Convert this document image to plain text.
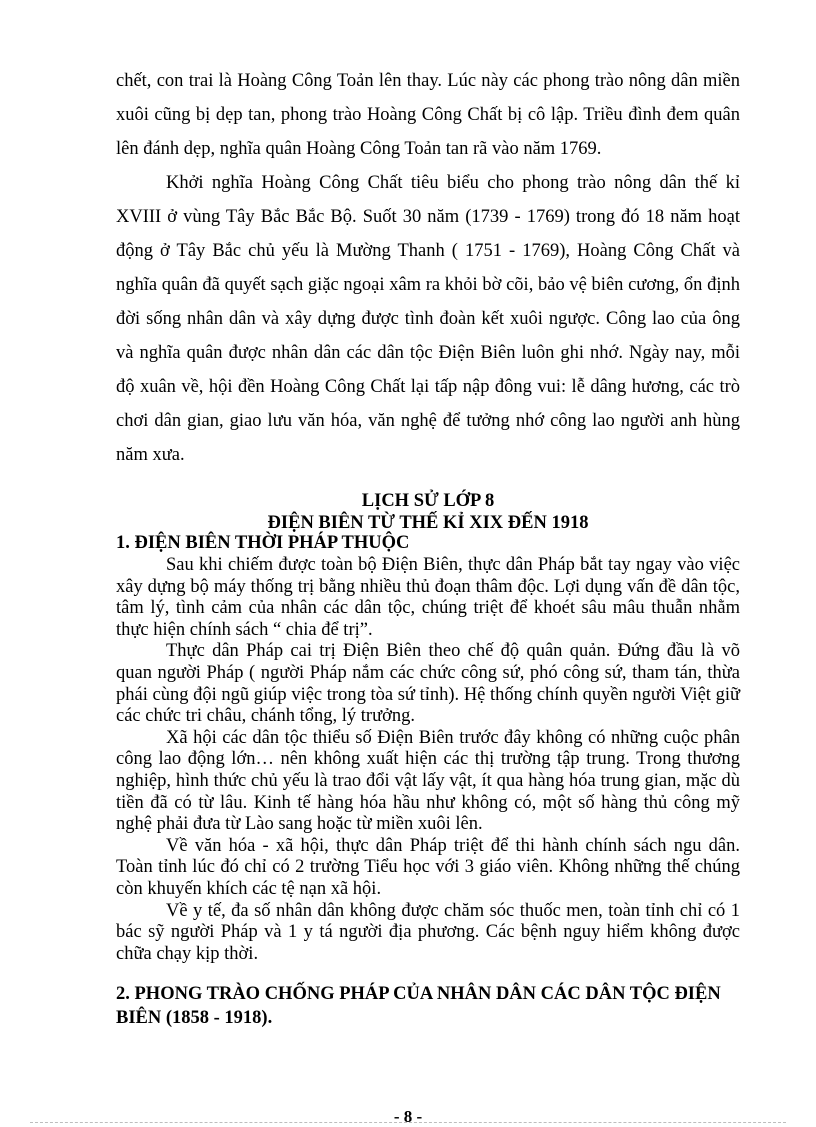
chết, con trai là Hoàng Công Toản lên thay. Lúc này các phong trào nông dân miền xuôi cũng bị dẹp tan, phong trào Hoàng Công Chất bị cô lập. Triều đình đem quân lên đánh dẹp, nghĩa quân Hoàng Công Toản tan rã vào năm 1769.

Khởi nghĩa Hoàng Công Chất tiêu biểu cho phong trào nông dân thế kỉ XVIII ở vùng Tây Bắc Bắc Bộ. Suốt 30 năm (1739 - 1769) trong đó 18 năm hoạt động ở Tây Bắc chủ yếu là Mường Thanh ( 1751 - 1769), Hoàng Công Chất và nghĩa quân đã quyết sạch giặc ngoại xâm ra khỏi bờ cõi, bảo vệ biên cương, ổn định đời sống nhân dân và xây dựng được tình đoàn kết xuôi ngược. Công lao của ông và nghĩa quân được nhân dân các dân tộc Điện Biên luôn ghi nhớ. Ngày nay, mỗi độ xuân về, hội đền Hoàng Công Chất lại tấp nập đông vui: lễ dâng hương, các trò chơi dân gian, giao lưu văn hóa, văn nghệ để tưởng nhớ công lao người anh hùng năm xưa.

LỊCH SỬ LỚP 8
ĐIỆN BIÊN TỪ THẾ KỈ XIX ĐẾN 1918
1. ĐIỆN BIÊN THỜI PHÁP THUỘC

Sau khi chiếm được toàn bộ Điện Biên, thực dân Pháp bắt tay ngay vào việc xây dựng bộ máy thống trị bằng nhiều thủ đoạn thâm độc. Lợi dụng vấn đề dân tộc, tâm lý, tình cảm của nhân các dân tộc, chúng triệt để khoét sâu mâu thuẫn nhằm thực hiện chính sách “ chia để trị”.

Thực dân Pháp cai trị Điện Biên theo chế độ quân quản. Đứng đầu là võ quan người Pháp ( người Pháp nắm các chức công sứ, phó công sứ, tham tán, thừa phái cùng đội ngũ giúp việc trong tòa sứ tỉnh). Hệ thống chính quyền người Việt giữ các chức tri châu, chánh tổng, lý trưởng.

Xã hội các dân tộc thiểu số Điện Biên trước đây không có những cuộc phân công lao động lớn… nên không xuất hiện các thị trường tập trung. Trong thương nghiệp, hình thức chủ yếu là trao đổi vật lấy vật, ít qua hàng hóa trung gian, mặc dù tiền đã có từ lâu. Kinh tế hàng hóa hầu như không có, một số hàng thủ công mỹ nghệ phải đưa từ Lào sang hoặc từ miền xuôi lên.

Về văn hóa - xã hội, thực dân Pháp triệt để thi hành chính sách ngu dân. Toàn tỉnh lúc đó chỉ có 2 trường Tiểu học với 3 giáo viên. Không những thế chúng còn khuyến khích các tệ nạn xã hội.

Về y tế, đa số nhân dân không được chăm sóc thuốc men, toàn tỉnh chỉ có 1 bác sỹ người Pháp và 1 y tá người địa phương. Các bệnh nguy hiểm không được chữa chạy kịp thời.

2. PHONG TRÀO CHỐNG PHÁP CỦA NHÂN DÂN CÁC DÂN TỘC ĐIỆN BIÊN (1858 - 1918).
- 8 -
